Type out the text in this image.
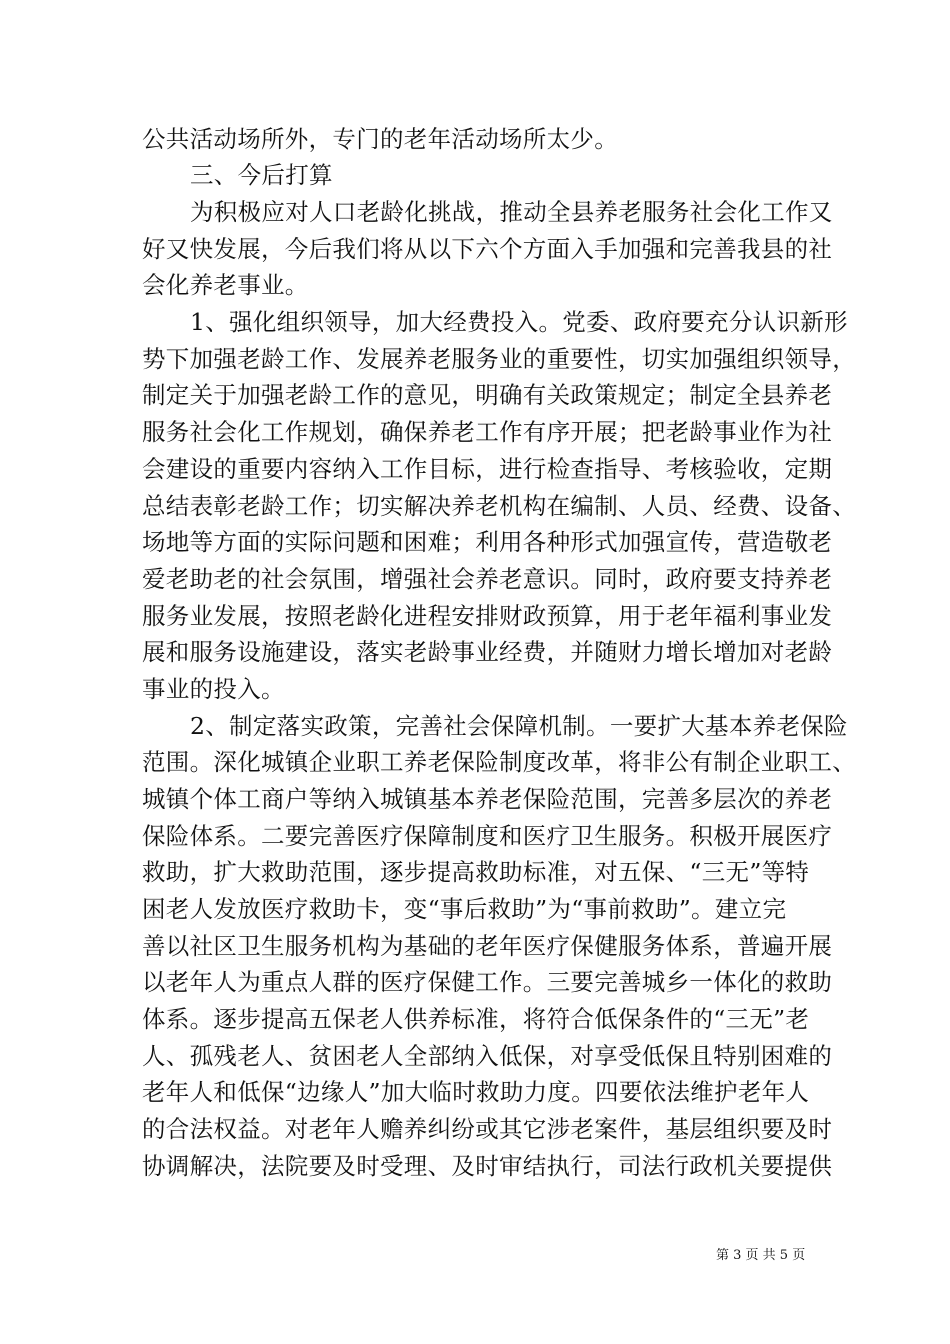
公共活动场所外，专门的老年活动场所太少。
三、今后打算
为积极应对人口老龄化挑战，推动全县养老服务社会化工作又
好又快发展，今后我们将从以下六个方面入手加强和完善我县的社
会化养老事业。
1、强化组织领导，加大经费投入。党委、政府要充分认识新形
势下加强老龄工作、发展养老服务业的重要性，切实加强组织领导，
制定关于加强老龄工作的意见，明确有关政策规定；制定全县养老
服务社会化工作规划，确保养老工作有序开展；把老龄事业作为社
会建设的重要内容纳入工作目标，进行检查指导、考核验收，定期
总结表彰老龄工作；切实解决养老机构在编制、人员、经费、设备、
场地等方面的实际问题和困难；利用各种形式加强宣传，营造敬老
爱老助老的社会氛围，增强社会养老意识。同时，政府要支持养老
服务业发展，按照老龄化进程安排财政预算，用于老年福利事业发
展和服务设施建设，落实老龄事业经费，并随财力增长增加对老龄
事业的投入。
2、制定落实政策，完善社会保障机制。一要扩大基本养老保险
范围。深化城镇企业职工养老保险制度改革，将非公有制企业职工、
城镇个体工商户等纳入城镇基本养老保险范围，完善多层次的养老
保险体系。二要完善医疗保障制度和医疗卫生服务。积极开展医疗
救助，扩大救助范围，逐步提高救助标准，对五保、“三无”等特
困老人发放医疗救助卡，变“事后救助”为“事前救助”。建立完
善以社区卫生服务机构为基础的老年医疗保健服务体系，普遍开展
以老年人为重点人群的医疗保健工作。三要完善城乡一体化的救助
体系。逐步提高五保老人供养标准，将符合低保条件的“三无”老
人、孤残老人、贫困老人全部纳入低保，对享受低保且特别困难的
老年人和低保“边缘人”加大临时救助力度。四要依法维护老年人
的合法权益。对老年人赡养纠纷或其它涉老案件，基层组织要及时
协调解决，法院要及时受理、及时审结执行，司法行政机关要提供
第 3 页 共 5 页
